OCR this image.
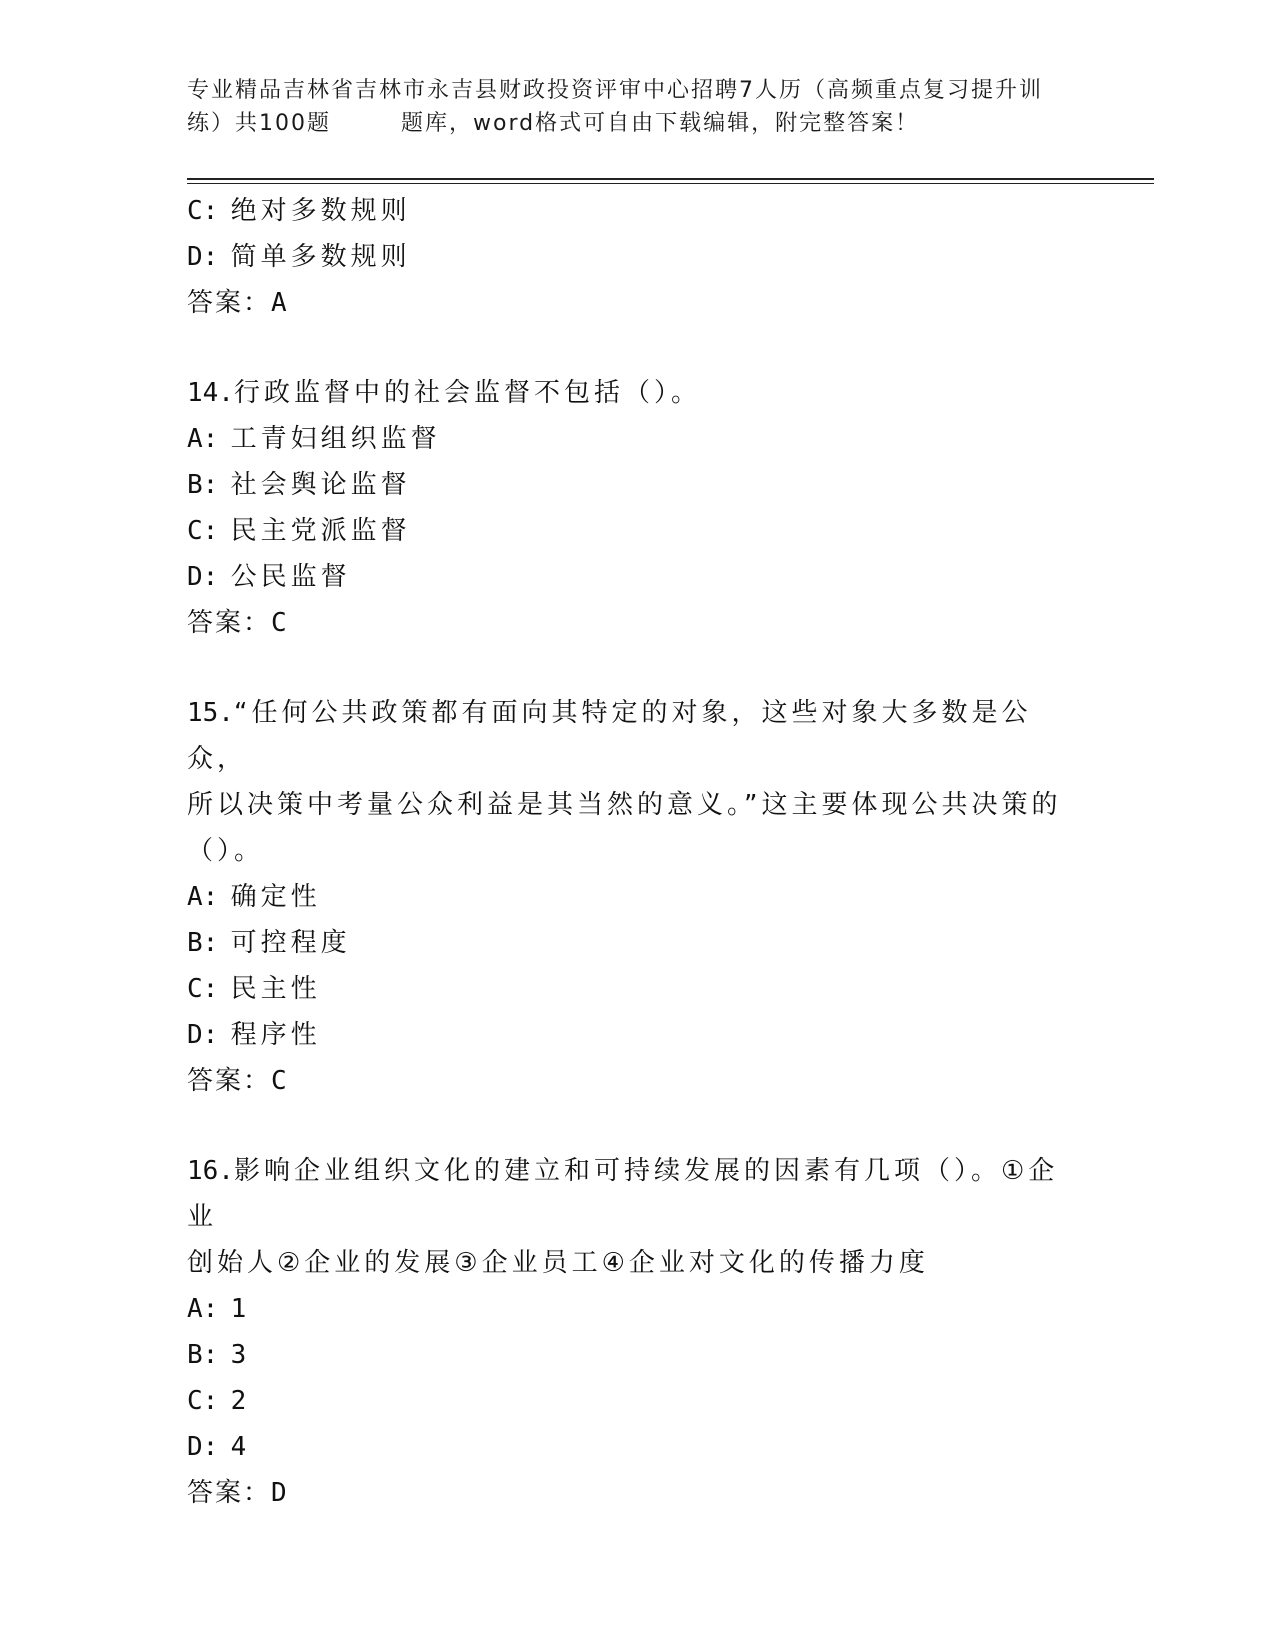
专业精品吉林省吉林市永吉县财政投资评审中心招聘7人历（高频重点复习提升训
练）共100题	题库，word格式可自由下载编辑，附完整答案！
C: 绝对多数规则
D: 简单多数规则
答案：A
14.行政监督中的社会监督不包括（）。
A: 工青妇组织监督
B: 社会舆论监督
C: 民主党派监督
D: 公民监督
答案：C
15.“任何公共政策都有面向其特定的对象，这些对象大多数是公众，
所以决策中考量公众利益是其当然的意义。”这主要体现公共决策的
（）。
A: 确定性
B: 可控程度
C: 民主性
D: 程序性
答案：C
16.影响企业组织文化的建立和可持续发展的因素有几项（）。①企业
创始人②企业的发展③企业员工④企业对文化的传播力度
A: 1
B: 3
C: 2
D: 4
答案：D
